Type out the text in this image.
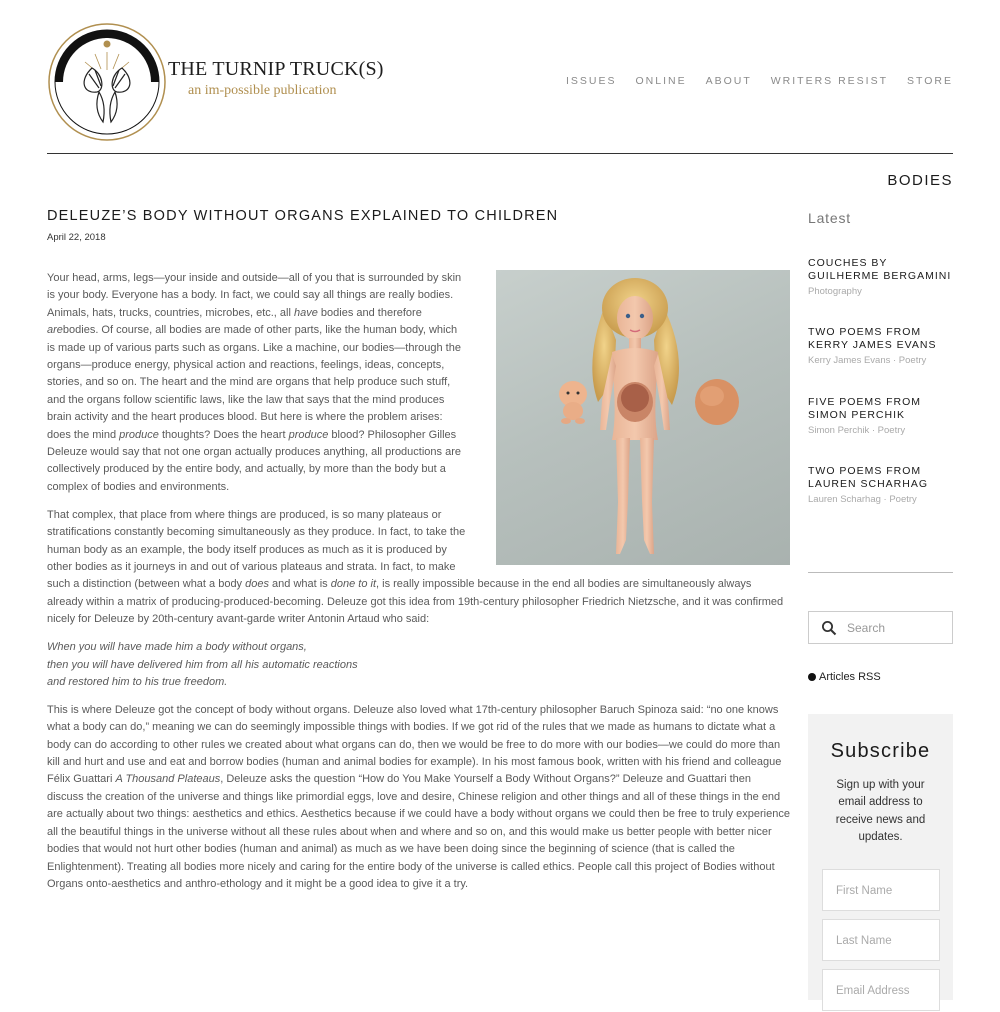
THE TURNIP TRUCK(S)
an im-possible publication
ISSUES ONLINE ABOUT WRITERS RESIST STORE
BODIES
DELEUZE’S BODY WITHOUT ORGANS EXPLAINED TO CHILDREN
April 22, 2018

Your head, arms, legs—your inside and outside—all of you that is surrounded by skin is your body. Everyone has a body. In fact, we could say all things are really bodies. Animals, hats, trucks, countries, microbes, etc., all have bodies and therefore arebodies. Of course, all bodies are made of other parts, like the human body, which is made up of various parts such as organs. Like a machine, our bodies—through the organs—produce energy, physical action and reactions, feelings, ideas, concepts, stories, and so on. The heart and the mind are organs that help produce such stuff, and the organs follow scientific laws, like the law that says that the mind produces brain activity and the heart produces blood. But here is where the problem arises: does the mind produce thoughts? Does the heart produce blood? Philosopher Gilles Deleuze would say that not one organ actually produces anything, all productions are collectively produced by the entire body, and actually, by more than the body but a complex of bodies and environments.

That complex, that place from where things are produced, is so many plateaus or stratifications constantly becoming simultaneously as they produce. In fact, to take the human body as an example, the body itself produces as much as it is produced by other bodies as it journeys in and out of various plateaus and strata. In fact, to make such a distinction (between what a body does and what is done to it, is really impossible because in the end all bodies are simultaneously always already within a matrix of producing-produced-becoming. Deleuze got this idea from 19th-century philosopher Friedrich Nietzsche, and it was confirmed nicely for Deleuze by 20th-century avant-garde writer Antonin Artaud who said:

When you will have made him a body without organs,
then you will have delivered him from all his automatic reactions
and restored him to his true freedom.

This is where Deleuze got the concept of body without organs. Deleuze also loved what 17th-century philosopher Baruch Spinoza said: “no one knows what a body can do,” meaning we can do seemingly impossible things with bodies. If we got rid of the rules that we made as humans to dictate what a body can do according to other rules we created about what organs can do, then we would be free to do more with our bodies—we could do more than kill and hurt and use and eat and borrow bodies (human and animal bodies for example). In his most famous book, written with his friend and colleague Félix Guattari A Thousand Plateaus, Deleuze asks the question “How do You Make Yourself a Body Without Organs?” Deleuze and Guattari then discuss the creation of the universe and things like primordial eggs, love and desire, Chinese religion and other things and all of these things in the end are actually about two things: aesthetics and ethics. Aesthetics because if we could have a body without organs we could then be free to truly experience all the beautiful things in the universe without all these rules about when and where and so on, and this would make us better people with better nicer bodies that would not hurt other bodies (human and animal) as much as we have been doing since the beginning of science (that is called the Enlightenment). Treating all bodies more nicely and caring for the entire body of the universe is called ethics. People call this project of Bodies without Organs onto-aesthetics and anthro-ethology and it might be a good idea to give it a try.

Latest
COUCHES BY GUILHERME BERGAMINI
Photography
TWO POEMS FROM KERRY JAMES EVANS
Kerry James Evans · Poetry
FIVE POEMS FROM SIMON PERCHIK
Simon Perchik · Poetry
TWO POEMS FROM LAUREN SCHARHAG
Lauren Scharhag · Poetry
Search
Articles RSS
Subscribe
Sign up with your email address to receive news and updates.
First Name
Last Name
Email Address
